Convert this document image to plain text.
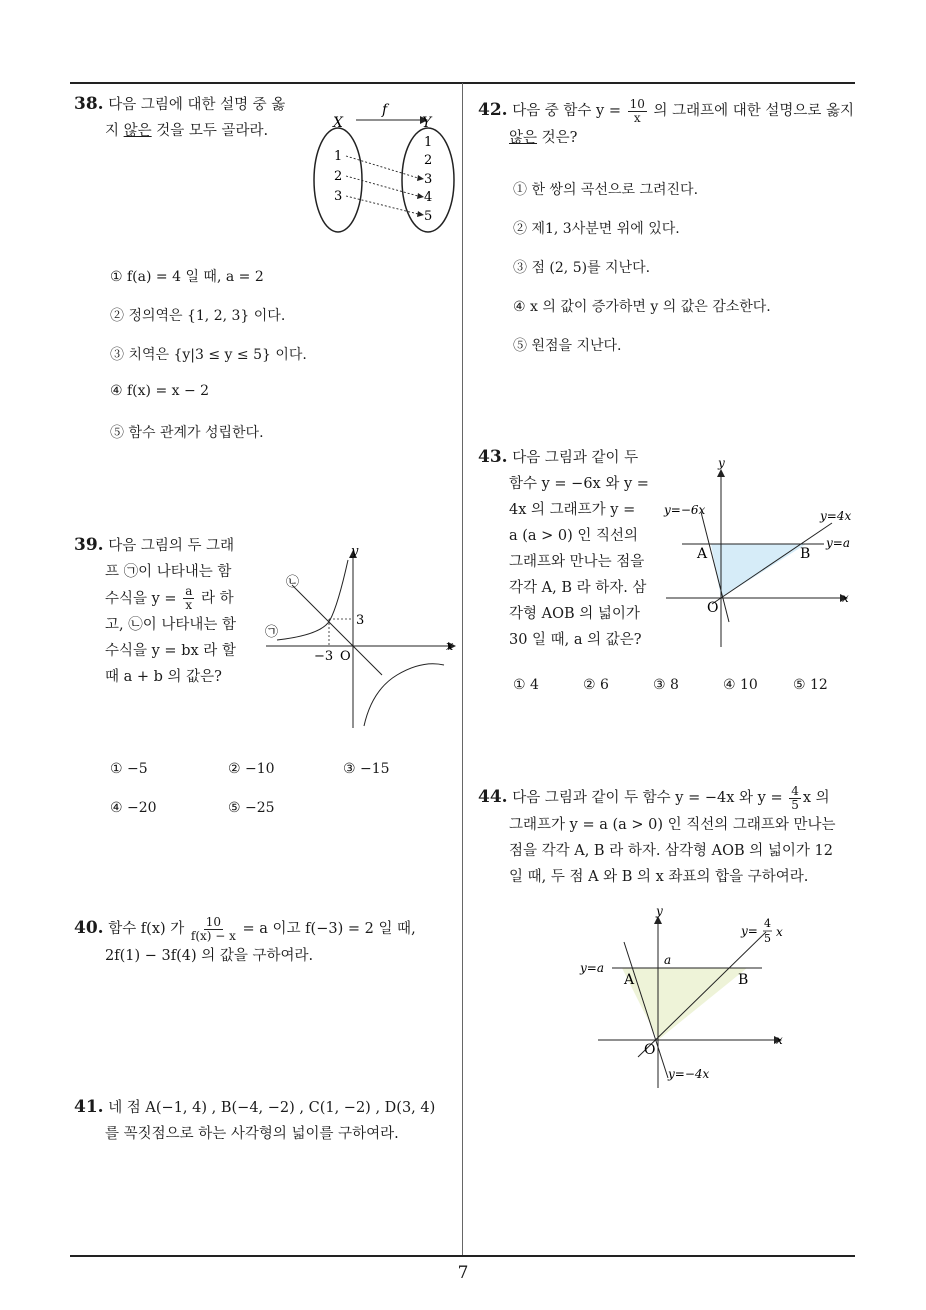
7
38. 다음 그림에 대한 설명 중 옳
지 않은 것을 모두 골라라.
f
X	Y
1
2
3
1
2
3
4
5
① f(a) = 4 일 때, a = 2
② 정의역은 {1, 2, 3} 이다.
③ 치역은 {y|3 ≤ y ≤ 5} 이다.
④ f(x) = x − 2
⑤ 함수 관계가 성립한다.
39. 다음 그림의 두 그래
프 ㉠이 나타내는 함
수식을 $y = \frac{a}{x}$ 라 하
고, ㉡이 나타내는 함
수식을 y = bx 라 할
때 a + b 의 값은?
y
x
3
−3 O
㉡
㉠
① −5	② −10	③ −15
④ −20	⑤ −25
40. 함수 f(x) 가 $\frac{10}{f(x) - x} = a$ 이고 f(−3) = 2 일 때,
2f(1) − 3f(4) 의 값을 구하여라.
41. 네 점 A(−1, 4) , B(−4, −2) , C(1, −2) , D(3, 4)
를 꼭짓점으로 하는 사각형의 넓이를 구하여라.
42. 다음 중 함수 $y = \frac{10}{x}$ 의 그래프에 대한 설명으로 옳지
않은 것은?
① 한 쌍의 곡선으로 그려진다.
② 제1, 3사분면 위에 있다.
③ 점 (2, 5)를 지난다.
④ x 의 값이 증가하면 y 의 값은 감소한다.
⑤ 원점을 지난다.
43. 다음 그림과 같이 두
함수 y = −6x 와 y =
4x 의 그래프가 y =
a (a > 0) 인 직선의
그래프와 만나는 점을
각각 A, B 라 하자. 삼
각형 AOB 의 넓이가
30 일 때, a 의 값은?
y
x
y=−6x	y=4x
y=a
A	B
O
① 4	② 6	③ 8	④ 10	⑤ 12
44. 다음 그림과 같이 두 함수 y = −4x 와 $y = \frac{4}{5}$ x 의
그래프가 y = a (a > 0) 인 직선의 그래프와 만나는
점을 각각 A, B 라 하자. 삼각형 AOB 의 넓이가 12
일 때, 두 점 A 와 B 의 x 좌표의 합을 구하여라.
y
x
y=
4
5 x
y=a
a
A	B
O
y=−4x
